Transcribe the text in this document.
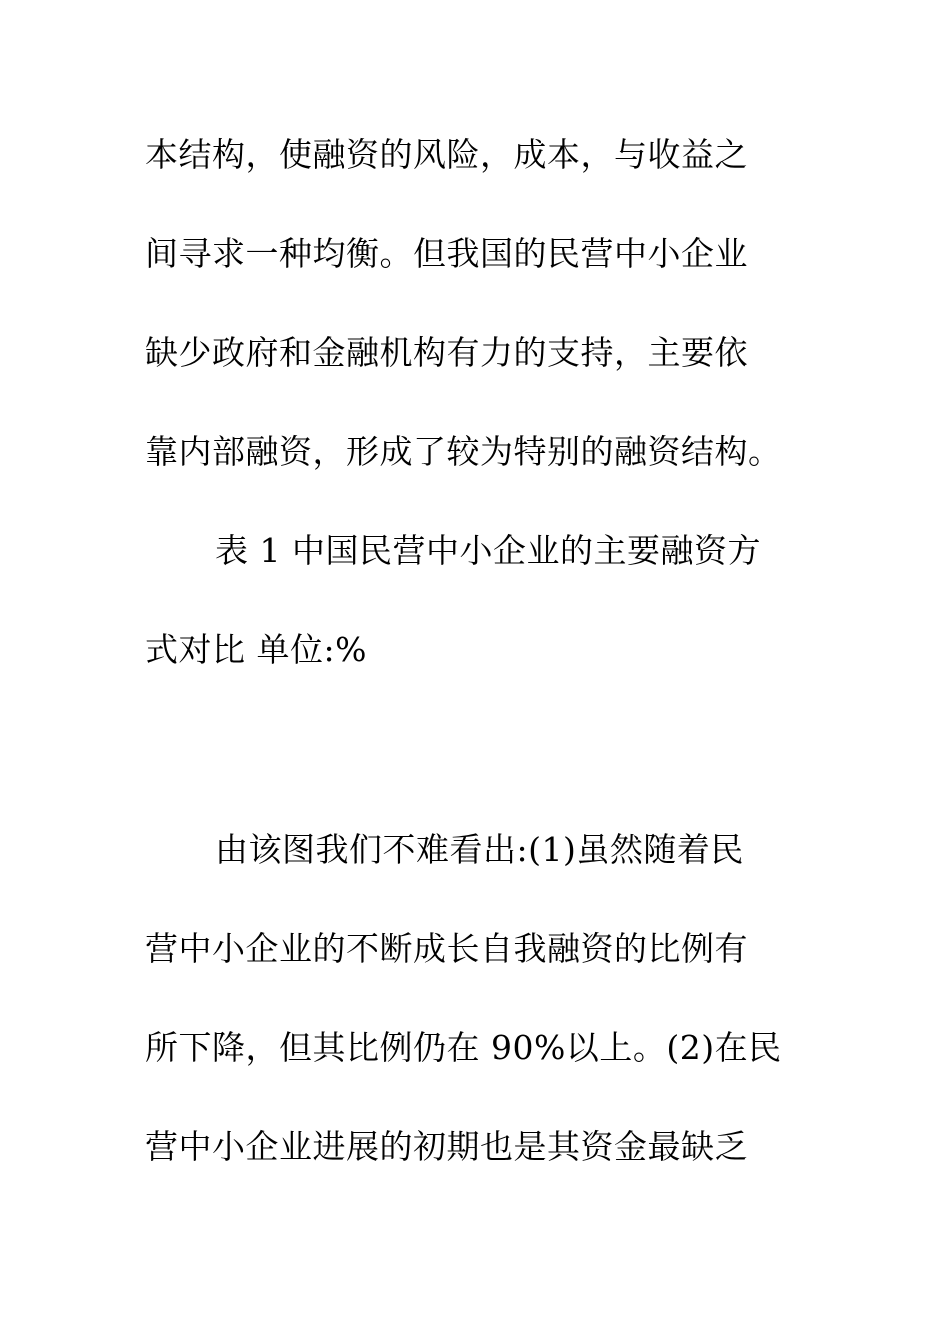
本结构，使融资的风险，成本，与收益之
间寻求一种均衡。但我国的民营中小企业
缺少政府和金融机构有力的支持，主要依
靠内部融资，形成了较为特别的融资结构。
表 1 中国民营中小企业的主要融资方
式对比 单位:%
由该图我们不难看出:(1)虽然随着民
营中小企业的不断成长自我融资的比例有
所下降，但其比例仍在 90%以上。(2)在民
营中小企业进展的初期也是其资金最缺乏
